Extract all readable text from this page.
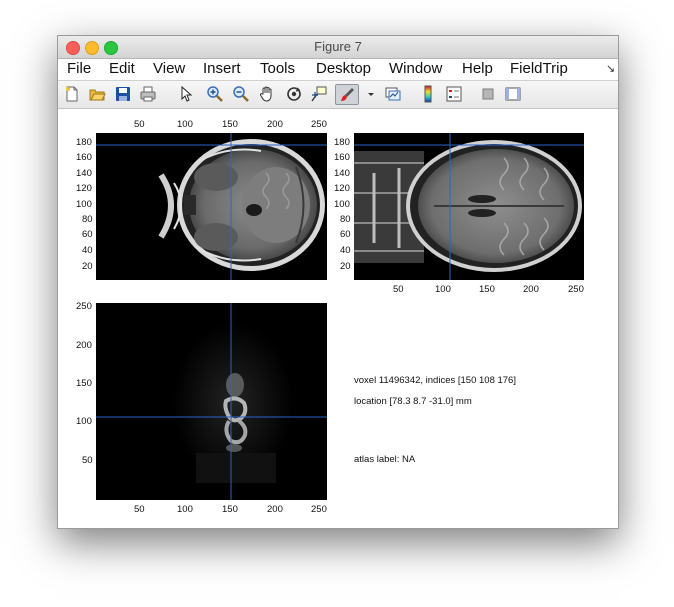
Figure 7
File Edit View Insert Tools Desktop Window Help FieldTrip	↘
50	100	150	200	250
180
160
140
120
100
80
60
40
20
180
160
140
120
100
80
60
40
20
50	100	150	200	250
250
200
150
100
50
50	100	150	200	250
voxel 11496342, indices [150 108 176]
location [78.3 8.7 -31.0] mm
atlas label: NA
